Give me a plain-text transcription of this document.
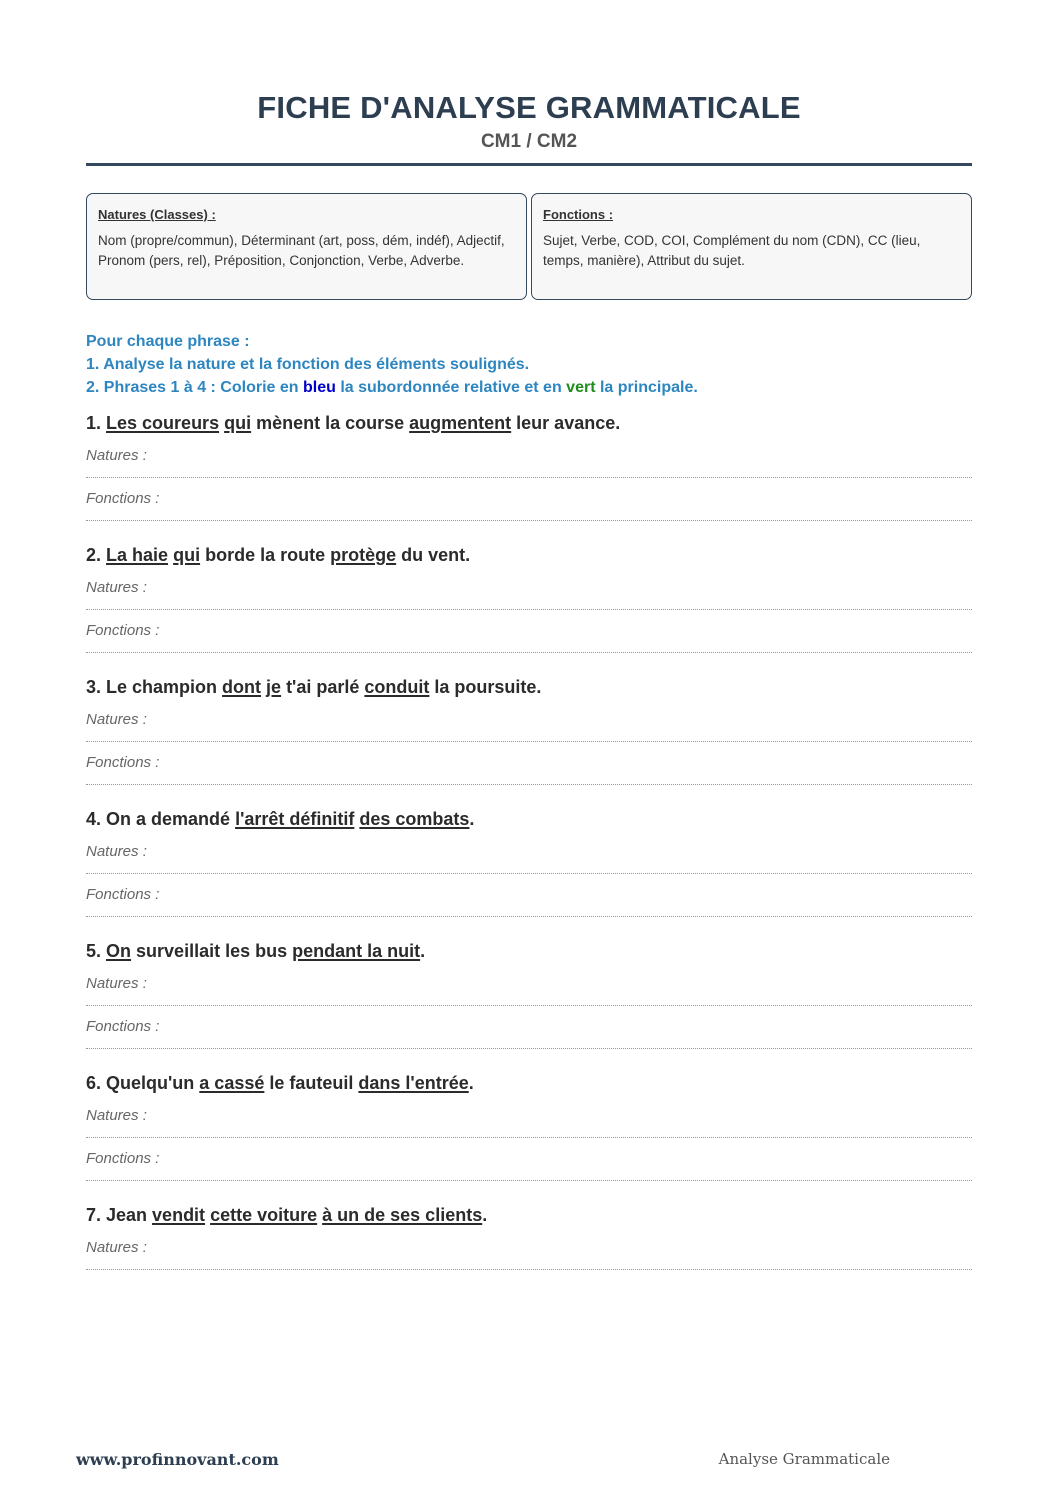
FICHE D'ANALYSE GRAMMATICALE
CM1 / CM2
Natures (Classes) :
Nom (propre/commun), Déterminant (art, poss, dém, indéf), Adjectif, Pronom (pers, rel), Préposition, Conjonction, Verbe, Adverbe.
Fonctions :
Sujet, Verbe, COD, COI, Complément du nom (CDN), CC (lieu, temps, manière), Attribut du sujet.
Pour chaque phrase :
1. Analyse la nature et la fonction des éléments soulignés.
2. Phrases 1 à 4 : Colorie en bleu la subordonnée relative et en vert la principale.
1. Les coureurs qui mènent la course augmentent leur avance.
Natures :
Fonctions :
2. La haie qui borde la route protège du vent.
Natures :
Fonctions :
3. Le champion dont je t'ai parlé conduit la poursuite.
Natures :
Fonctions :
4. On a demandé l'arrêt définitif des combats.
Natures :
Fonctions :
5. On surveillait les bus pendant la nuit.
Natures :
Fonctions :
6. Quelqu'un a cassé le fauteuil dans l'entrée.
Natures :
Fonctions :
7. Jean vendit cette voiture à un de ses clients.
Natures :
www.profinnovant.com	Analyse Grammaticale
